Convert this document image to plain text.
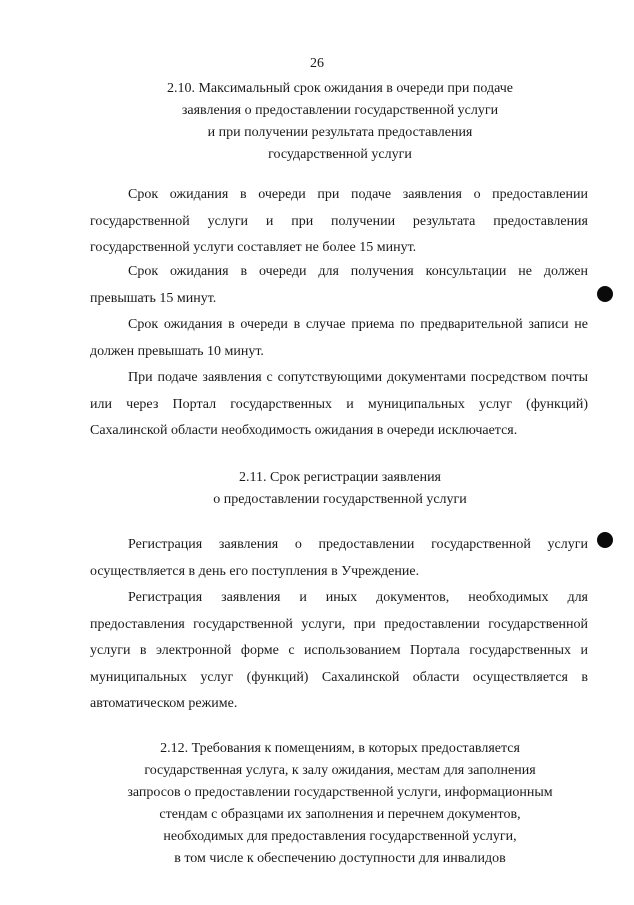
26
2.10. Максимальный срок ожидания в очереди при подаче
заявления о предоставлении государственной услуги
и при получении результата предоставления
государственной услуги

Срок ожидания в очереди при подаче заявления о предоставлении государственной услуги и при получении результата предоставления государственной услуги составляет не более 15 минут.

Срок ожидания в очереди для получения консультации не должен превышать 15 минут.

Срок ожидания в очереди в случае приема по предварительной записи не должен превышать 10 минут.

При подаче заявления с сопутствующими документами посредством почты или через Портал государственных и муниципальных услуг (функций) Сахалинской области необходимость ожидания в очереди исключается.

2.11. Срок регистрации заявления
о предоставлении государственной услуги

Регистрация заявления о предоставлении государственной услуги осуществляется в день его поступления в Учреждение.

Регистрация заявления и иных документов, необходимых для предоставления государственной услуги, при предоставлении государственной услуги в электронной форме с использованием Портала государственных и муниципальных услуг (функций) Сахалинской области осуществляется в автоматическом режиме.

2.12. Требования к помещениям, в которых предоставляется
государственная услуга, к залу ожидания, местам для заполнения
запросов о предоставлении государственной услуги, информационным
стендам с образцами их заполнения и перечнем документов,
необходимых для предоставления государственной услуги,
в том числе к обеспечению доступности для инвалидов
